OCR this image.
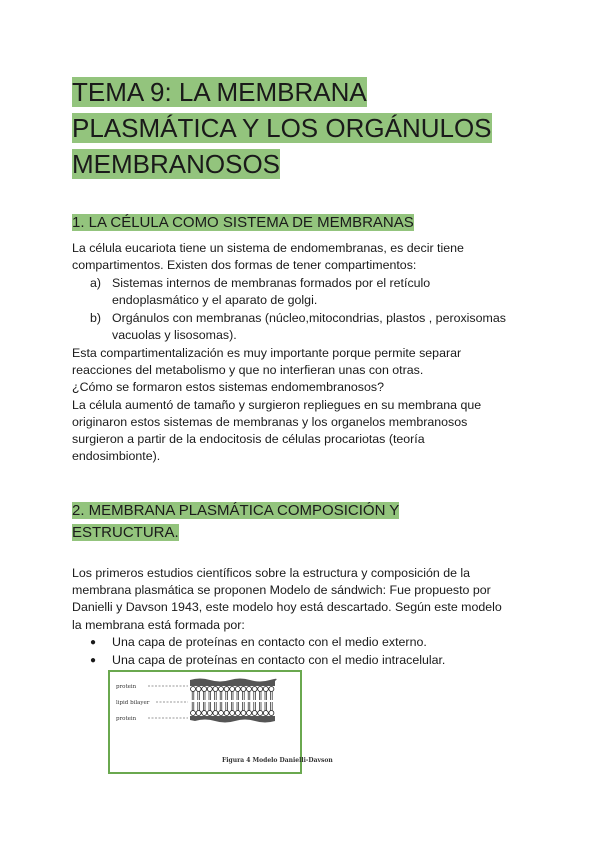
TEMA 9: LA MEMBRANA
PLASMÁTICA Y LOS ORGÁNULOS
MEMBRANOSOS
1. LA CÉLULA COMO SISTEMA DE MEMBRANAS

La célula eucariota tiene un sistema de endomembranas, es decir tiene
compartimentos. Existen dos formas de tener compartimentos:

a) Sistemas internos de membranas formados por el retículo
endoplasmático y el aparato de golgi.

b) Orgánulos con membranas (núcleo,mitocondrias, plastos , peroxisomas
vacuolas y lisosomas).

Esta compartimentalización es muy importante porque permite separar
reacciones del metabolismo y que no interfieran unas con otras.
¿Cómo se formaron estos sistemas endomembranosos?
La célula aumentó de tamaño y surgieron repliegues en su membrana que
originaron estos sistemas de membranas y los organelos membranosos
surgieron a partir de la endocitosis de células procariotas (teoría
endosimbionte).

2. MEMBRANA PLASMÁTICA COMPOSICIÓN Y
ESTRUCTURA.

Los primeros estudios científicos sobre la estructura y composición de la
membrana plasmática se proponen Modelo de sándwich: Fue propuesto por
Danielli y Davson 1943, este modelo hoy está descartado. Según este modelo
la membrana está formada por:

● Una capa de proteínas en contacto con el medio externo.

● Una capa de proteínas en contacto con el medio intracelular.

protein
lipid bilayer
protein
Figura 4 Modelo Danielli-Davson
